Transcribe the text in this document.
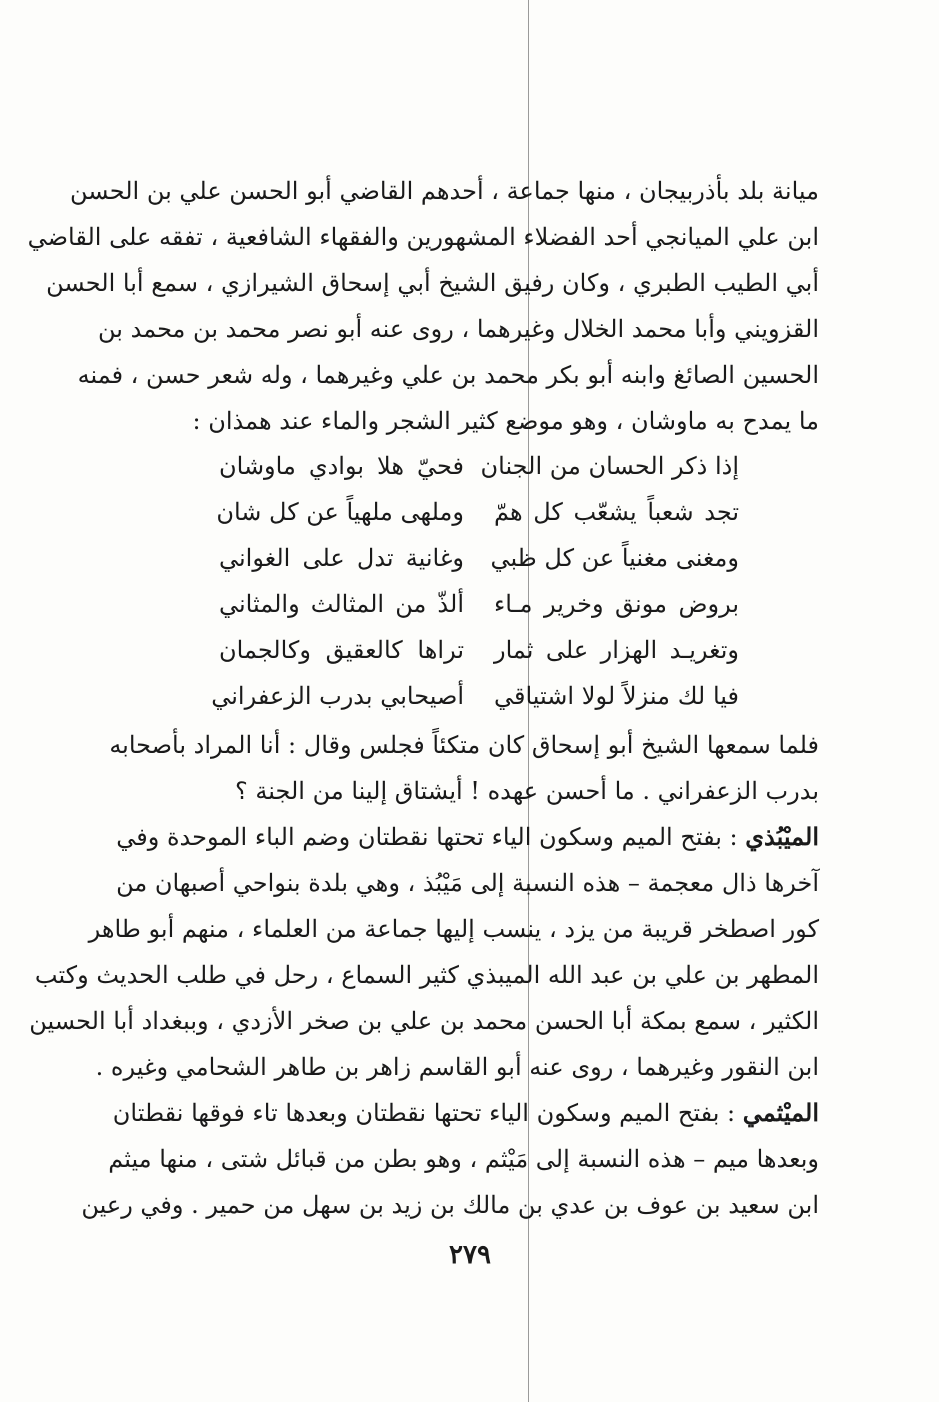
ميانة بلد بأذربيجان ، منها جماعة ، أحدهم القاضي أبو الحسن علي بن الحسن
ابن علي الميانجي أحد الفضلاء المشهورين والفقهاء الشافعية ، تفقه على القاضي
أبي الطيب الطبري ، وكان رفيق الشيخ أبي إسحاق الشيرازي ، سمع أبا الحسن
القزويني وأبا محمد الخلال وغيرهما ، روى عنه أبو نصر محمد بن محمد بن
الحسين الصائغ وابنه أبو بكر محمد بن علي وغيرهما ، وله شعر حسن ، فمنه
ما يمدح به ماوشان ، وهو موضع كثير الشجر والماء عند همذان :
إذا ذكر الحسان من الجنان
فحيّ هلا بوادي ماوشان
تجد شعباً يشعّب كل همّ
وملهى ملهياً عن كل شان
ومغنى مغنياً عن كل ظبي
وغانية تدل على الغواني
بروض مونق وخرير مـاء
ألذّ من المثالث والمثاني
وتغريـد الهزار على ثمار
تراها كالعقيق وكالجمان
فيا لك منزلاً لولا اشتياقي
أصيحابي بدرب الزعفراني
فلما سمعها الشيخ أبو إسحاق كان متكئاً فجلس وقال : أنا المراد بأصحابه
بدرب الزعفراني . ما أحسن عهده ! أيشتاق إلينا من الجنة ؟
الميْبُذي : بفتح الميم وسكون الياء تحتها نقطتان وضم الباء الموحدة وفي
آخرها ذال معجمة – هذه النسبة إلى مَيْبُذ ، وهي بلدة بنواحي أصبهان من
كور اصطخر قريبة من يزد ، ينسب إليها جماعة من العلماء ، منهم أبو طاهر
المطهر بن علي بن عبد الله الميبذي كثير السماع ، رحل في طلب الحديث وكتب
الكثير ، سمع بمكة أبا الحسن محمد بن علي بن صخر الأزدي ، وببغداد أبا الحسين
ابن النقور وغيرهما ، روى عنه أبو القاسم زاهر بن طاهر الشحامي وغيره .
الميْثمي : بفتح الميم وسكون الياء تحتها نقطتان وبعدها تاء فوقها نقطتان
وبعدها ميم – هذه النسبة إلى مَيْثم ، وهو بطن من قبائل شتى ، منها ميثم
ابن سعيد بن عوف بن عدي بن مالك بن زيد بن سهل من حمير . وفي رعين
٢٧٩
